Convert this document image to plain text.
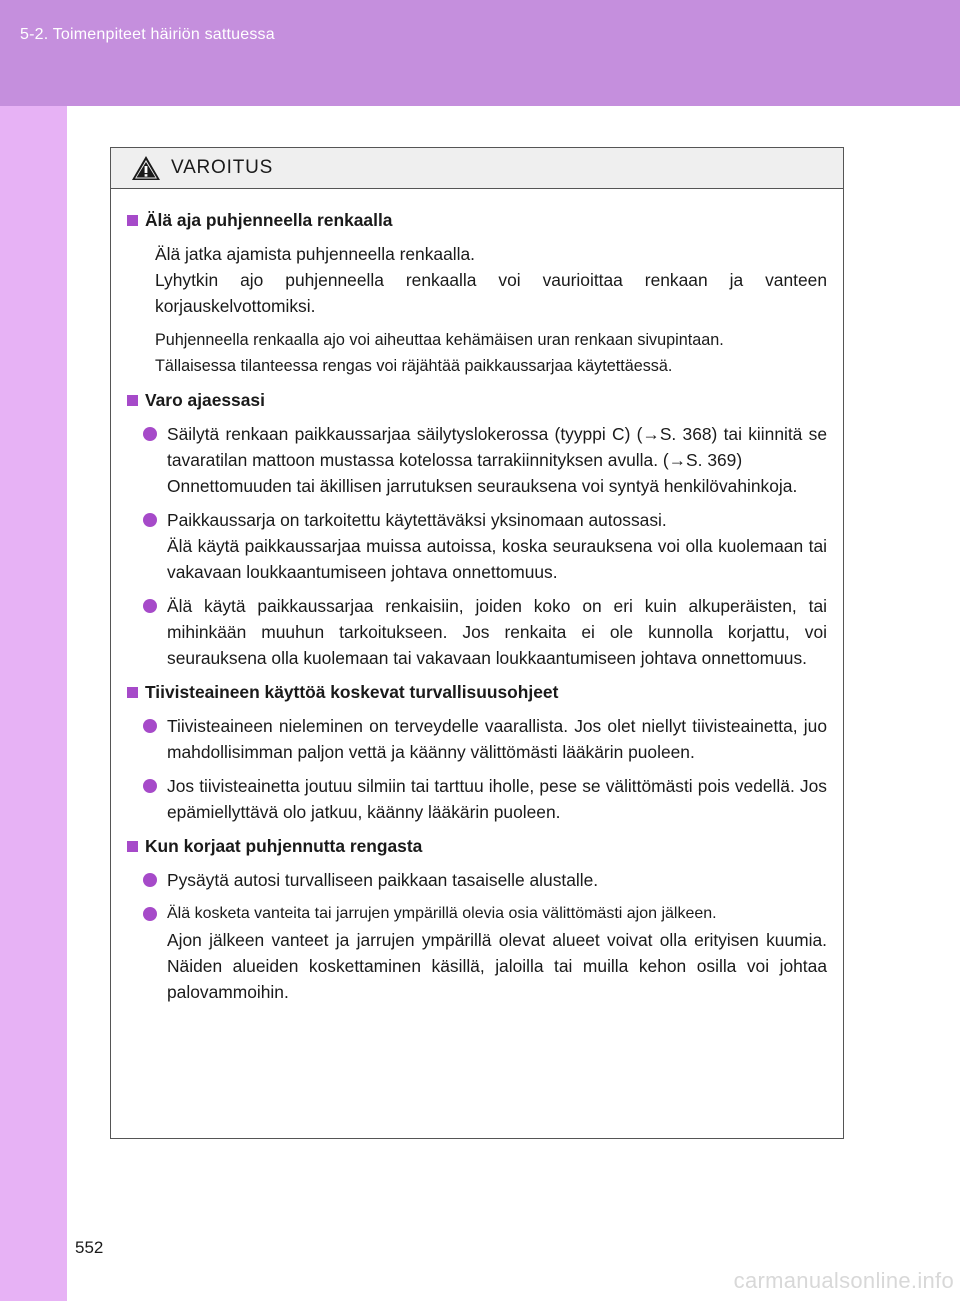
5-2. Toimenpiteet häiriön sattuessa
VAROITUS
Älä aja puhjenneella renkaalla
Älä jatka ajamista puhjenneella renkaalla.
Lyhytkin ajo puhjenneella renkaalla voi vaurioittaa renkaan ja vanteen korjauskelvottomiksi.
Puhjenneella renkaalla ajo voi aiheuttaa kehämäisen uran renkaan sivupintaan.
Tällaisessa tilanteessa rengas voi räjähtää paikkaussarjaa käytettäessä.
Varo ajaessasi
Säilytä renkaan paikkaussarjaa säilytyslokerossa (tyyppi C) (→S. 368) tai kiinnitä se tavaratilan mattoon mustassa kotelossa tarrakiinnityksen avulla. (→S. 369)
Onnettomuuden tai äkillisen jarrutuksen seurauksena voi syntyä henkilövahinkoja.
Paikkaussarja on tarkoitettu käytettäväksi yksinomaan autossasi.
Älä käytä paikkaussarjaa muissa autoissa, koska seurauksena voi olla kuolemaan tai vakavaan loukkaantumiseen johtava onnettomuus.
Älä käytä paikkaussarjaa renkaisiin, joiden koko on eri kuin alkuperäisten, tai mihinkään muuhun tarkoitukseen. Jos renkaita ei ole kunnolla korjattu, voi seurauksena olla kuolemaan tai vakavaan loukkaantumiseen johtava onnettomuus.
Tiivisteaineen käyttöä koskevat turvallisuusohjeet
Tiivisteaineen nieleminen on terveydelle vaarallista. Jos olet niellyt tiivisteainetta, juo mahdollisimman paljon vettä ja käänny välittömästi lääkärin puoleen.
Jos tiivisteainetta joutuu silmiin tai tarttuu iholle, pese se välittömästi pois vedellä. Jos epämiellyttävä olo jatkuu, käänny lääkärin puoleen.
Kun korjaat puhjennutta rengasta
Pysäytä autosi turvalliseen paikkaan tasaiselle alustalle.
Älä kosketa vanteita tai jarrujen ympärillä olevia osia välittömästi ajon jälkeen.
Ajon jälkeen vanteet ja jarrujen ympärillä olevat alueet voivat olla erityisen kuumia. Näiden alueiden koskettaminen käsillä, jaloilla tai muilla kehon osilla voi johtaa palovammoihin.
552
carmanualsonline.info
